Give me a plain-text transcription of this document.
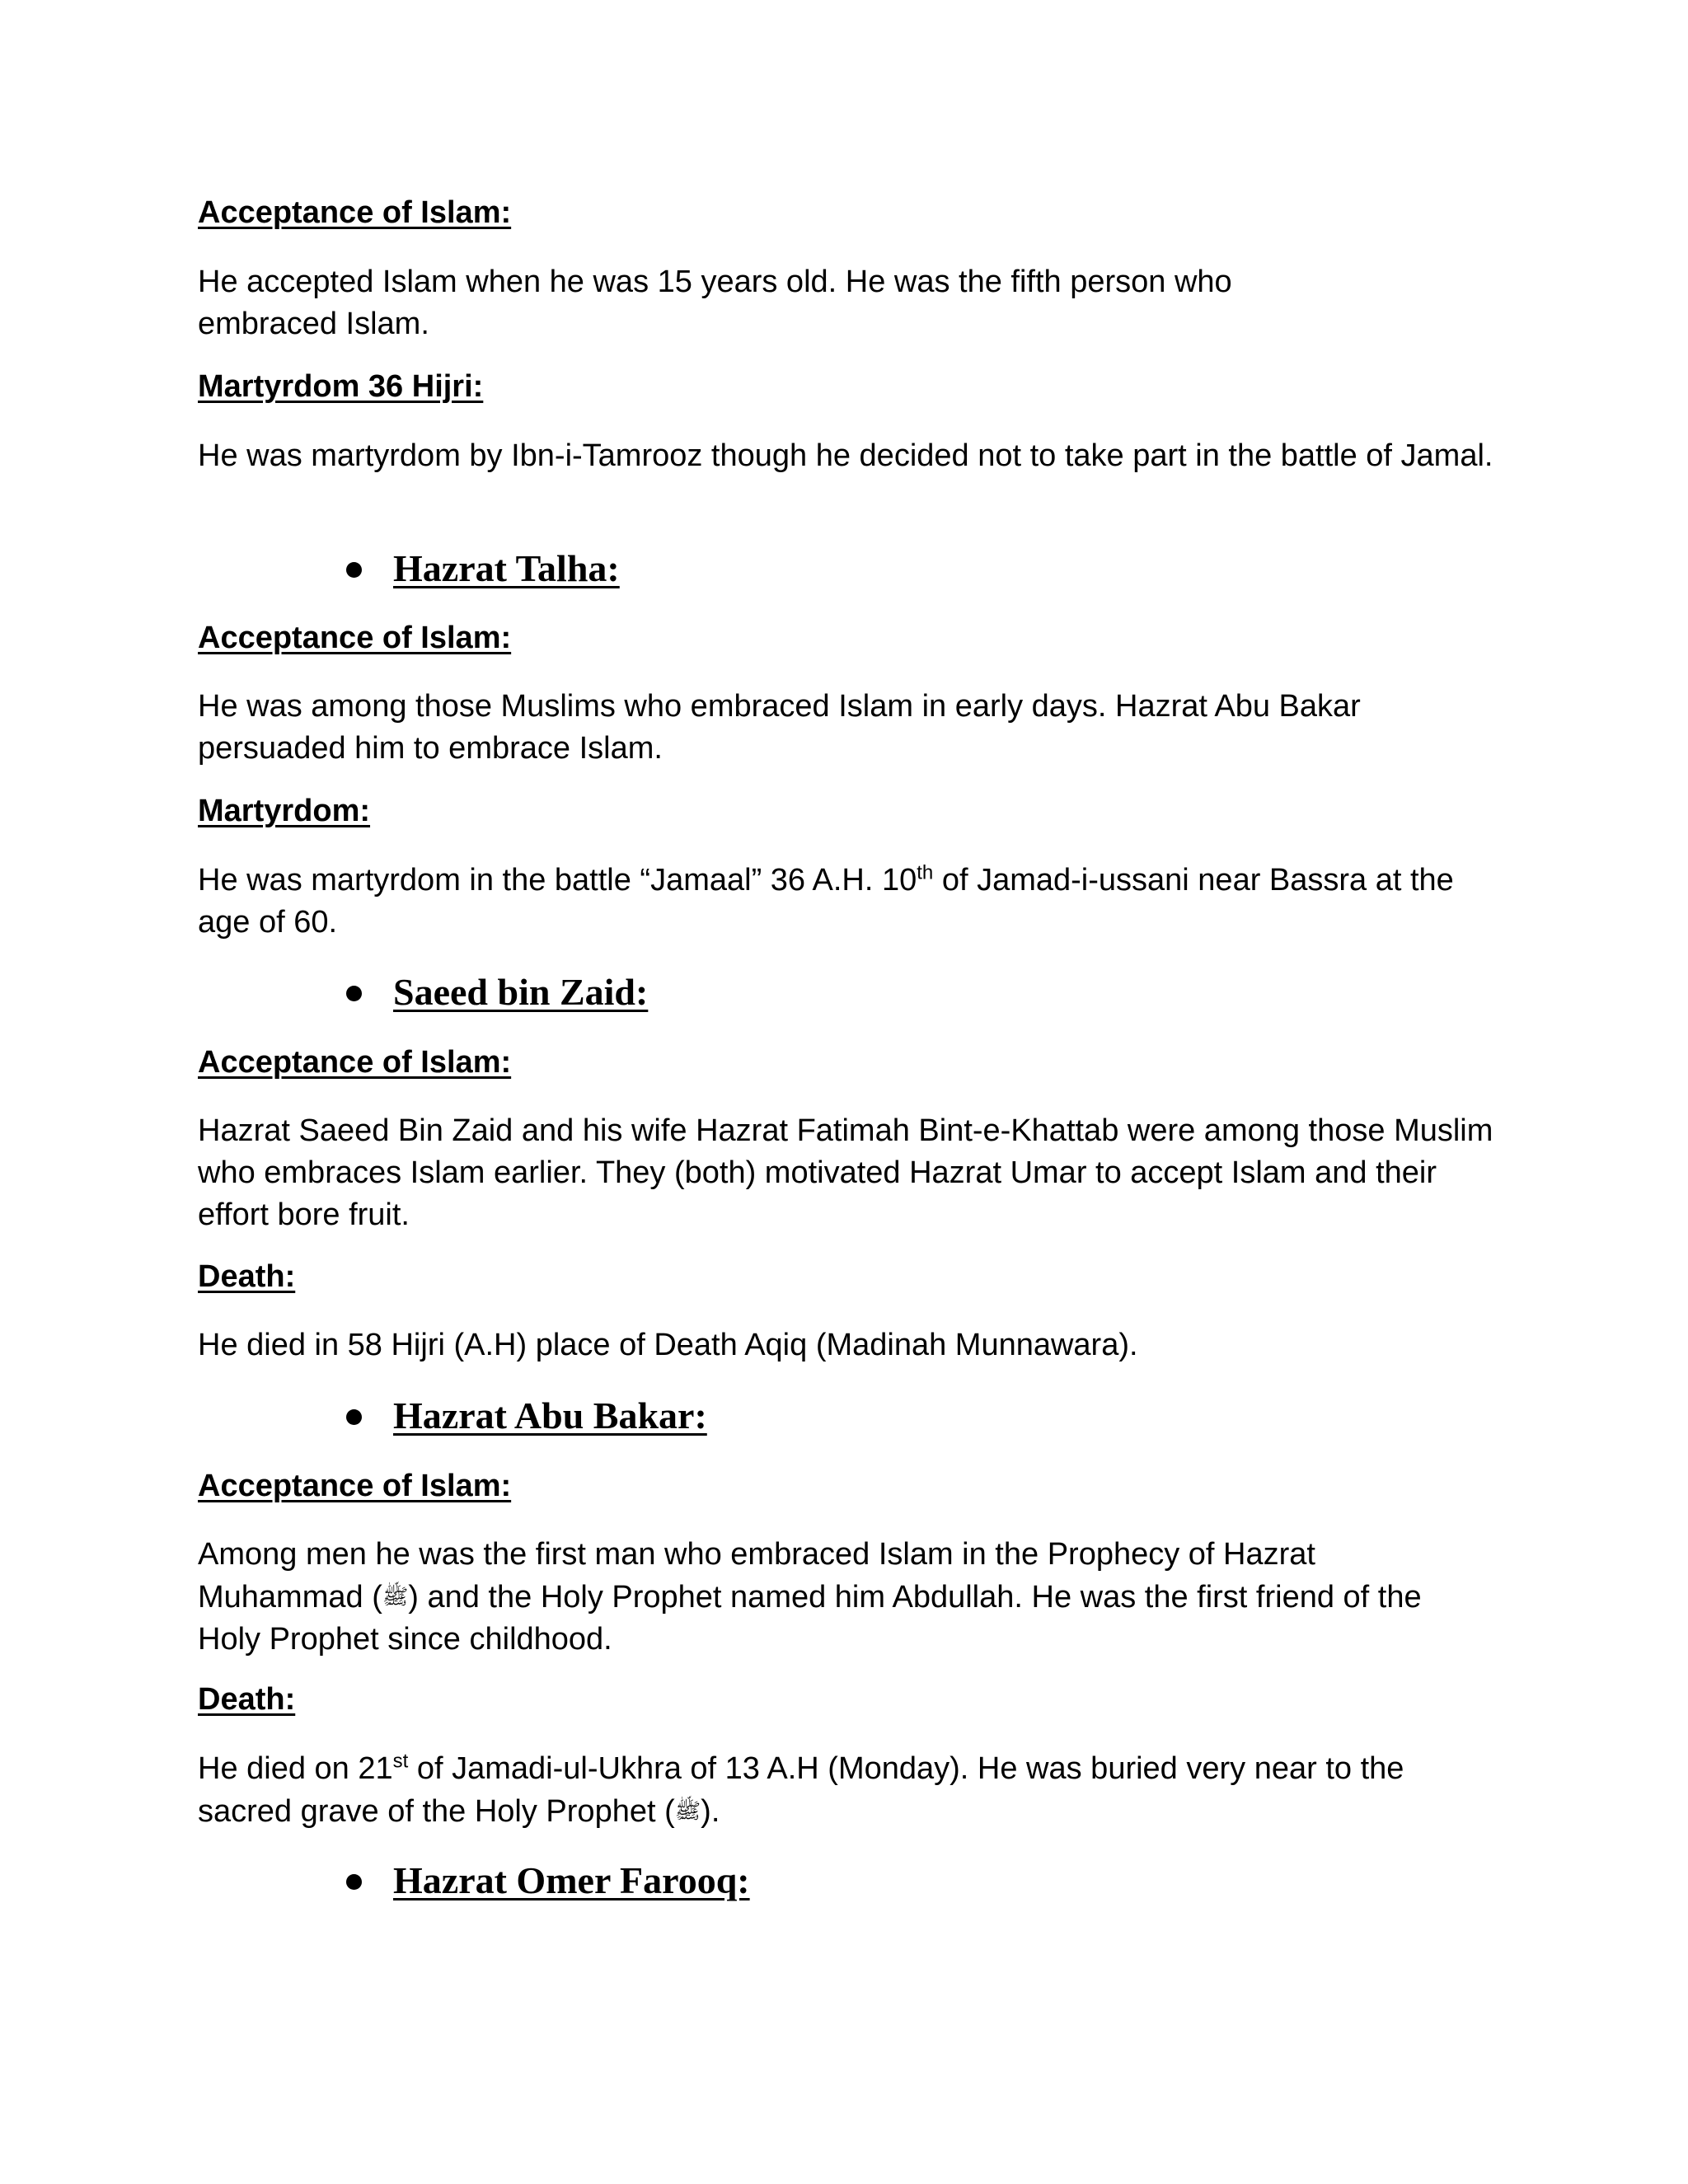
Acceptance of Islam:

He accepted Islam when he was 15 years old. He was the fifth person who embraced Islam.

Martyrdom 36 Hijri:

He was martyrdom by Ibn-i-Tamrooz though he decided not to take part in the battle of Jamal.

Hazrat Talha:
Acceptance of Islam:

He was among those Muslims who embraced Islam in early days. Hazrat Abu Bakar persuaded him to embrace Islam.

Martyrdom:

He was martyrdom in the battle “Jamaal” 36 A.H. 10th of Jamad-i-ussani near Bassra at the age of 60.

Saeed bin Zaid:
Acceptance of Islam:

Hazrat Saeed Bin Zaid and his wife Hazrat Fatimah Bint-e-Khattab were among those Muslim who embraces Islam earlier. They (both) motivated Hazrat Umar to accept Islam and their effort bore fruit.

Death:

He died in 58 Hijri (A.H) place of Death Aqiq (Madinah Munnawara).

Hazrat Abu Bakar:
Acceptance of Islam:

Among men he was the first man who embraced Islam in the Prophecy of Hazrat Muhammad (ﷺ) and the Holy Prophet named him Abdullah. He was the first friend of the Holy Prophet since childhood.

Death:

He died on 21st of Jamadi-ul-Ukhra of 13 A.H (Monday). He was buried very near to the sacred grave of the Holy Prophet (ﷺ).

Hazrat Omer Farooq:
